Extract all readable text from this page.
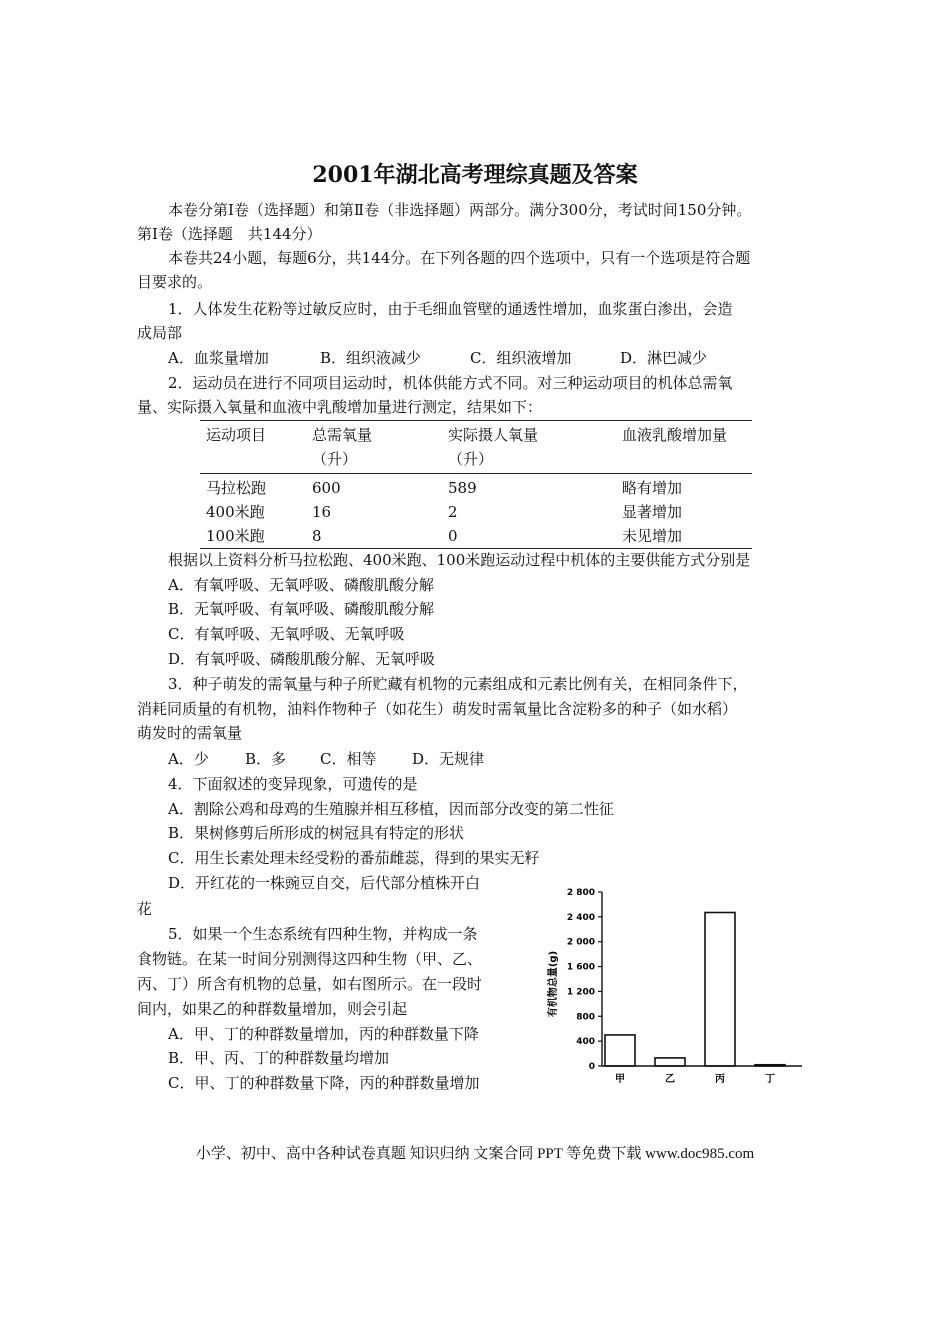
2001年湖北高考理综真题及答案
本卷分第Ⅰ卷（选择题）和第Ⅱ卷（非选择题）两部分。满分300分，考试时间150分钟。
第Ⅰ卷（选择题　共144分）
本卷共24小题，每题6分，共144分。在下列各题的四个选项中，只有一个选项是符合题
目要求的。
1．人体发生花粉等过敏反应时，由于毛细血管壁的通透性增加，血浆蛋白渗出，会造
成局部
A．血浆量增加	B．组织液减少	C．组织液增加	D．淋巴减少
2．运动员在进行不同项目运动时，机体供能方式不同。对三种运动项目的机体总需氧
量、实际摄入氧量和血液中乳酸增加量进行测定，结果如下：
运动项目	总需氧量	实际摄人氧量	血液乳酸增加量
	（升）	（升）	
马拉松跑	600	589	略有增加
400米跑	16	2	显著增加
100米跑	8	0	未见增加
根据以上资料分析马拉松跑、400米跑、100米跑运动过程中机体的主要供能方式分别是
A．有氧呼吸、无氧呼吸、磷酸肌酸分解
B．无氧呼吸、有氧呼吸、磷酸肌酸分解
C．有氧呼吸、无氧呼吸、无氧呼吸
D．有氧呼吸、磷酸肌酸分解、无氧呼吸
3．种子萌发的需氧量与种子所贮藏有机物的元素组成和元素比例有关，在相同条件下，
消耗同质量的有机物，油料作物种子（如花生）萌发时需氧量比含淀粉多的种子（如水稻）
萌发时的需氧量
A．少 B．多 C．相等 D．无规律
4．下面叙述的变异现象，可遗传的是
A．割除公鸡和母鸡的生殖腺并相互移植，因而部分改变的第二性征
B．果树修剪后所形成的树冠具有特定的形状
C．用生长素处理未经受粉的番茄雌蕊，得到的果实无籽
D．开红花的一株豌豆自交，后代部分植株开白
花
5．如果一个生态系统有四种生物，并构成一条
食物链。在某一时间分别测得这四种生物（甲、乙、
丙、丁）所含有机物的总量，如右图所示。在一段时
间内，如果乙的种群数量增加，则会引起
A．甲、丁的种群数量增加，丙的种群数量下降
B．甲、丙、丁的种群数量均增加
C．甲、丁的种群数量下降，丙的种群数量增加
有机物总量(g)
0
400
800
1 200
1 600
2 000
2 400
2 800
甲	乙	丙	丁
小学、初中、高中各种试卷真题 知识归纳 文案合同 PPT 等免费下载 www.doc985.com
